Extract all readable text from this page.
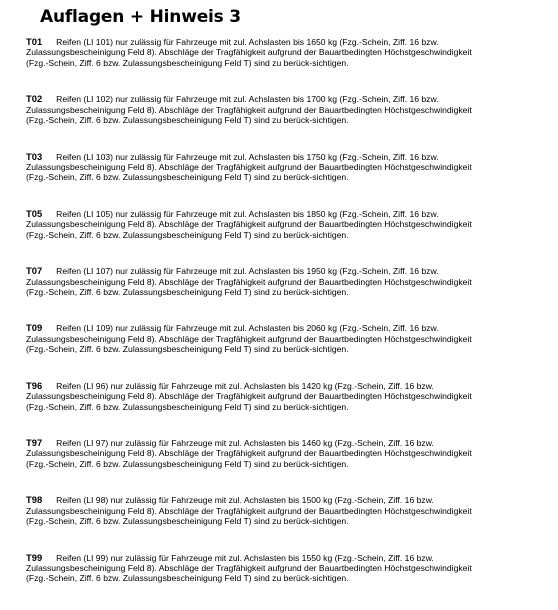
Auflagen + Hinweis 3

T01 Reifen (LI 101) nur zulässig für Fahrzeuge mit zul. Achslasten bis 1650 kg (Fzg.-Schein, Ziff. 16 bzw. Zulassungsbescheinigung Feld 8). Abschläge der Tragfähigkeit aufgrund der Bauartbedingten Höchstgeschwindigkeit (Fzg.-Schein, Ziff. 6 bzw. Zulassungsbescheinigung Feld T) sind zu berück-sichtigen.

T02 Reifen (LI 102) nur zulässig für Fahrzeuge mit zul. Achslasten bis 1700 kg (Fzg.-Schein, Ziff. 16 bzw. Zulassungsbescheinigung Feld 8). Abschläge der Tragfähigkeit aufgrund der Bauartbedingten Höchstgeschwindigkeit (Fzg.-Schein, Ziff. 6 bzw. Zulassungsbescheinigung Feld T) sind zu berück-sichtigen.

T03 Reifen (LI 103) nur zulässig für Fahrzeuge mit zul. Achslasten bis 1750 kg (Fzg.-Schein, Ziff. 16 bzw. Zulassungsbescheinigung Feld 8). Abschläge der Tragfähigkeit aufgrund der Bauartbedingten Höchstgeschwindigkeit (Fzg.-Schein, Ziff. 6 bzw. Zulassungsbescheinigung Feld T) sind zu berück-sichtigen.

T05 Reifen (LI 105) nur zulässig für Fahrzeuge mit zul. Achslasten bis 1850 kg (Fzg.-Schein, Ziff. 16 bzw. Zulassungsbescheinigung Feld 8). Abschläge der Tragfähigkeit aufgrund der Bauartbedingten Höchstgeschwindigkeit (Fzg.-Schein, Ziff. 6 bzw. Zulassungsbescheinigung Feld T) sind zu berück-sichtigen.

T07 Reifen (LI 107) nur zulässig für Fahrzeuge mit zul. Achslasten bis 1950 kg (Fzg.-Schein, Ziff. 16 bzw. Zulassungsbescheinigung Feld 8). Abschläge der Tragfähigkeit aufgrund der Bauartbedingten Höchstgeschwindigkeit (Fzg.-Schein, Ziff. 6 bzw. Zulassungsbescheinigung Feld T) sind zu berück-sichtigen.

T09 Reifen (LI 109) nur zulässig für Fahrzeuge mit zul. Achslasten bis 2060 kg (Fzg.-Schein, Ziff. 16 bzw. Zulassungsbescheinigung Feld 8). Abschläge der Tragfähigkeit aufgrund der Bauartbedingten Höchstgeschwindigkeit (Fzg.-Schein, Ziff. 6 bzw. Zulassungsbescheinigung Feld T) sind zu berück-sichtigen.

T96 Reifen (LI 96) nur zulässig für Fahrzeuge mit zul. Achslasten bis 1420 kg (Fzg.-Schein, Ziff. 16 bzw. Zulassungsbescheinigung Feld 8). Abschläge der Tragfähigkeit aufgrund der Bauartbedingten Höchstgeschwindigkeit (Fzg.-Schein, Ziff. 6 bzw. Zulassungsbescheinigung Feld T) sind zu berück-sichtigen.

T97 Reifen (LI 97) nur zulässig für Fahrzeuge mit zul. Achslasten bis 1460 kg (Fzg.-Schein, Ziff. 16 bzw. Zulassungsbescheinigung Feld 8). Abschläge der Tragfähigkeit aufgrund der Bauartbedingten Höchstgeschwindigkeit (Fzg.-Schein, Ziff. 6 bzw. Zulassungsbescheinigung Feld T) sind zu berück-sichtigen.

T98 Reifen (LI 98) nur zulässig für Fahrzeuge mit zul. Achslasten bis 1500 kg (Fzg.-Schein, Ziff. 16 bzw. Zulassungsbescheinigung Feld 8). Abschläge der Tragfähigkeit aufgrund der Bauartbedingten Höchstgeschwindigkeit (Fzg.-Schein, Ziff. 6 bzw. Zulassungsbescheinigung Feld T) sind zu berück-sichtigen.

T99 Reifen (LI 99) nur zulässig für Fahrzeuge mit zul. Achslasten bis 1550 kg (Fzg.-Schein, Ziff. 16 bzw. Zulassungsbescheinigung Feld 8). Abschläge der Tragfähigkeit aufgrund der Bauartbedingten Höchstgeschwindigkeit (Fzg.-Schein, Ziff. 6 bzw. Zulassungsbescheinigung Feld T) sind zu berück-sichtigen.
